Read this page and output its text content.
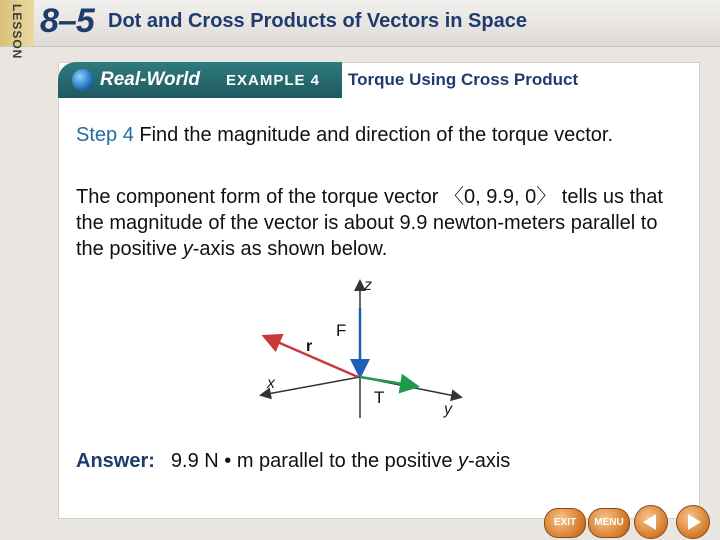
LESSON 8–5 Dot and Cross Products of Vectors in Space
Real-World EXAMPLE 4 Torque Using Cross Product
Step 4 Find the magnitude and direction of the torque vector.
The component form of the torque vector 〈0, 9.9, 0〉 tells us that the magnitude of the vector is about 9.9 newton-meters parallel to the positive y-axis as shown below.
z
F
r
x
T
y
Answer: 9.9 N • m parallel to the positive y-axis
EXIT	MENU
